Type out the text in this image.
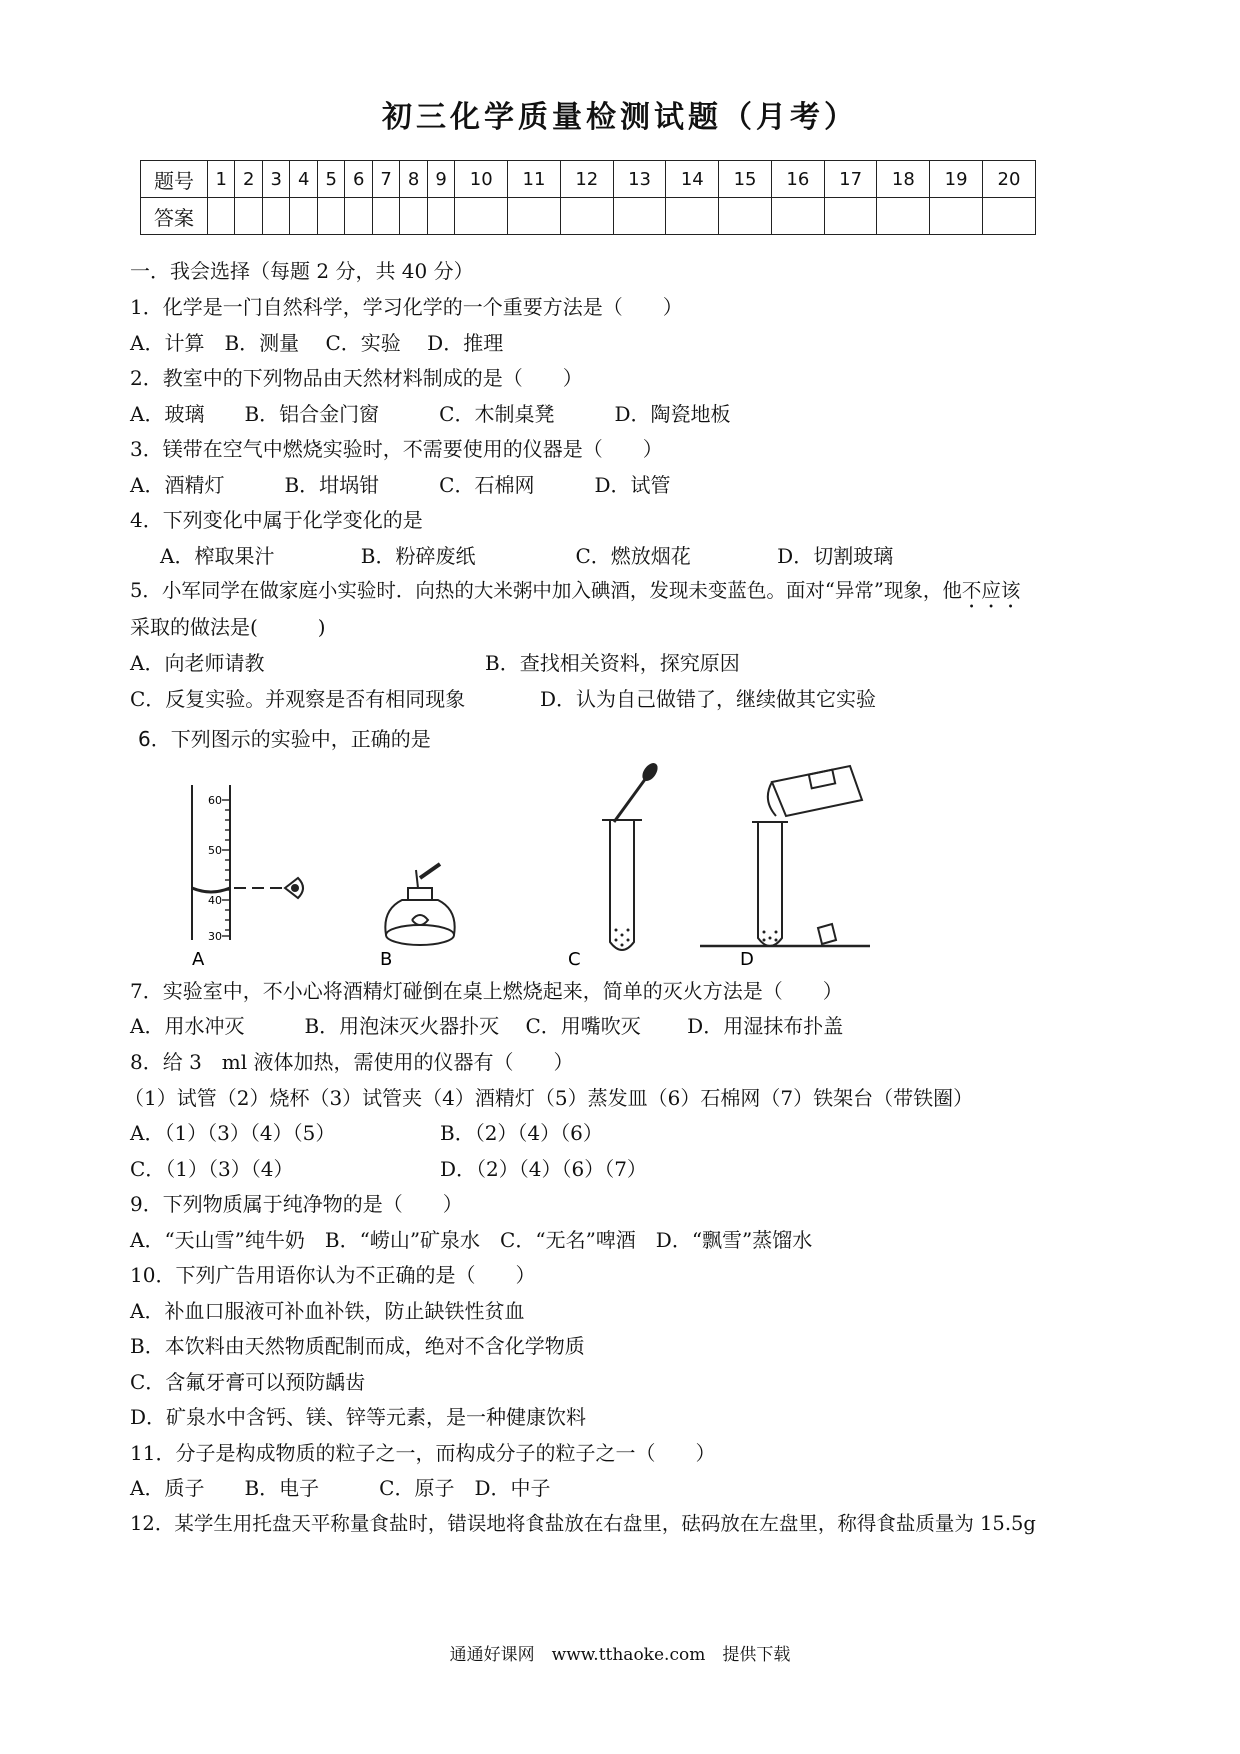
初三化学质量检测试题（月考）
题号	1	2	3	4	5	6	7	8	9	10	11	12	13	14	15	16	17	18	19	20
答案																				
一．我会选择（每题 2 分，共 40 分）
1．化学是一门自然科学，学习化学的一个重要方法是（　　）
A．计算　B．测量　 C．实验　 D．推理
2．教室中的下列物品由天然材料制成的是（　　）
A．玻璃　　B．铝合金门窗　　　C．木制桌凳　　　D．陶瓷地板
3．镁带在空气中燃烧实验时，不需要使用的仪器是（　　）
A．酒精灯　　　B．坩埚钳　　　C．石棉网　　　D．试管
4．下列变化中属于化学变化的是
A．榨取果汁　　　　 B．粉碎废纸　　　　　C．燃放烟花　　　　 D．切割玻璃
5．小军同学在做家庭小实验时．向热的大米粥中加入碘酒，发现未变蓝色。面对“异常”现象，他不应该
采取的做法是(　　　)
A．向老师请教	B．查找相关资料，探究原因
C．反复实验。并观察是否有相同现象	D．认为自己做错了，继续做其它实验
6．下列图示的实验中，正确的是
60
50
40
30
A	B	C	D
7．实验室中，不小心将酒精灯碰倒在桌上燃烧起来，简单的灭火方法是（　　）
A．用水冲灭　　　B．用泡沫灭火器扑灭　 C．用嘴吹灭　　 D．用湿抹布扑盖
8．给 3　ml 液体加热，需使用的仪器有（　　）
（1）试管（2）烧杯（3）试管夹（4）酒精灯（5）蒸发皿（6）石棉网（7）铁架台（带铁圈）
A．（1）（3）（4）（5）	B．（2）（4）（6）
C．（1）（3）（4）	D．（2）（4）（6）（7）
9．下列物质属于纯净物的是（　　）
A．“天山雪”纯牛奶　B．“崂山”矿泉水　C．“无名”啤酒　D．“飘雪”蒸馏水
10．下列广告用语你认为不正确的是（　　）
A．补血口服液可补血补铁，防止缺铁性贫血
B．本饮料由天然物质配制而成，绝对不含化学物质
C．含氟牙膏可以预防龋齿
D．矿泉水中含钙、镁、锌等元素，是一种健康饮料
11．分子是构成物质的粒子之一，而构成分子的粒子之一（　　）
A．质子　　B．电子　　　C．原子　D．中子
12．某学生用托盘天平称量食盐时，错误地将食盐放在右盘里，砝码放在左盘里，称得食盐质量为 15.5g
通通好课网　www.tthaoke.com　提供下载
